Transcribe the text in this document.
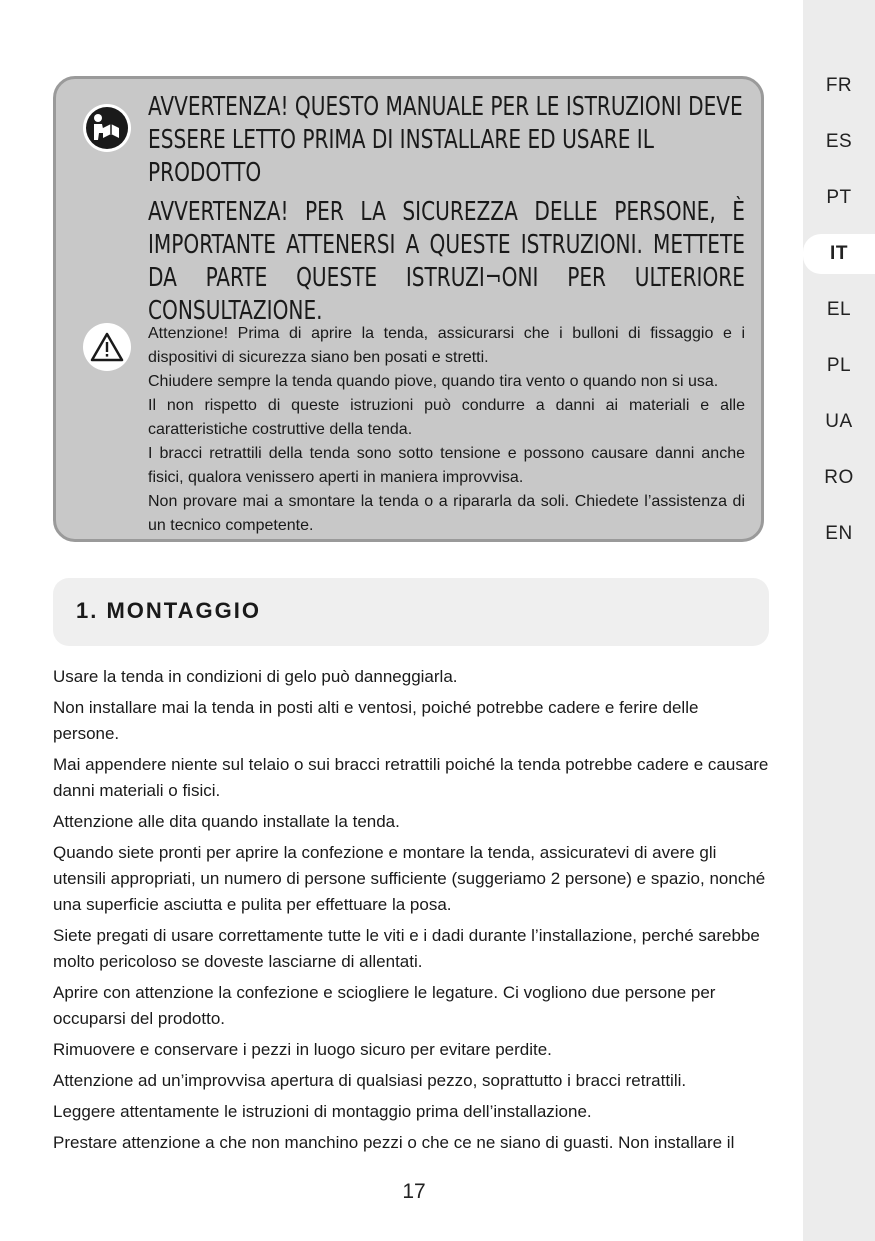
FR
ES
PT
IT
EL
PL
UA
RO
EN
AVVERTENZA! QUESTO MANUALE PER LE ISTRUZIONI DEVE ESSERE LETTO PRIMA DI INSTALLARE ED USARE IL PRODOTTO
AVVERTENZA! PER LA SICUREZZA DELLE PERSONE, È IMPORTANTE ATTENERSI A QUESTE ISTRUZIONI. METTETE DA PARTE QUESTE ISTRUZI¬ONI PER ULTERIORE CONSULTAZIONE.

Attenzione! Prima di aprire la tenda, assicurarsi che i bulloni di fissaggio e i dispositivi di sicurezza siano ben posati e stretti.

Chiudere sempre la tenda quando piove, quando tira vento o quando non si usa.

Il non rispetto di queste istruzioni può condurre a danni ai materiali e alle caratteristiche costruttive della tenda.

I bracci retrattili della tenda sono sotto tensione e possono causare danni anche fisici, qualora venissero aperti in maniera improvvisa.

Non provare mai a smontare la tenda o a ripararla da soli. Chiedete l’assistenza di un tecnico competente.

1. MONTAGGIO

Usare la tenda in condizioni di gelo può danneggiarla.

Non installare mai la tenda in posti alti e ventosi, poiché potrebbe cadere e ferire delle persone.

Mai appendere niente sul telaio o sui bracci retrattili poiché la tenda potrebbe cadere e causare danni materiali o fisici.

Attenzione alle dita quando installate la tenda.

Quando siete pronti per aprire la confezione e montare la tenda, assicuratevi di avere gli utensili appropriati, un numero di persone sufficiente (suggeriamo 2 persone) e spazio, nonché una superficie asciutta e pulita per effettuare la posa.

Siete pregati di usare correttamente tutte le viti e i dadi durante l’installazione, perché sarebbe molto pericoloso se doveste lasciarne di allentati.

Aprire con attenzione la confezione e sciogliere le legature. Ci vogliono due persone per occuparsi del prodotto.

Rimuovere e conservare i pezzi in luogo sicuro per evitare perdite.

Attenzione ad un’improvvisa apertura di qualsiasi pezzo, soprattutto i bracci retrattili.

Leggere attentamente le istruzioni di montaggio prima dell’installazione.

Prestare attenzione a che non manchino pezzi o che ce ne siano di guasti. Non installare il

17
